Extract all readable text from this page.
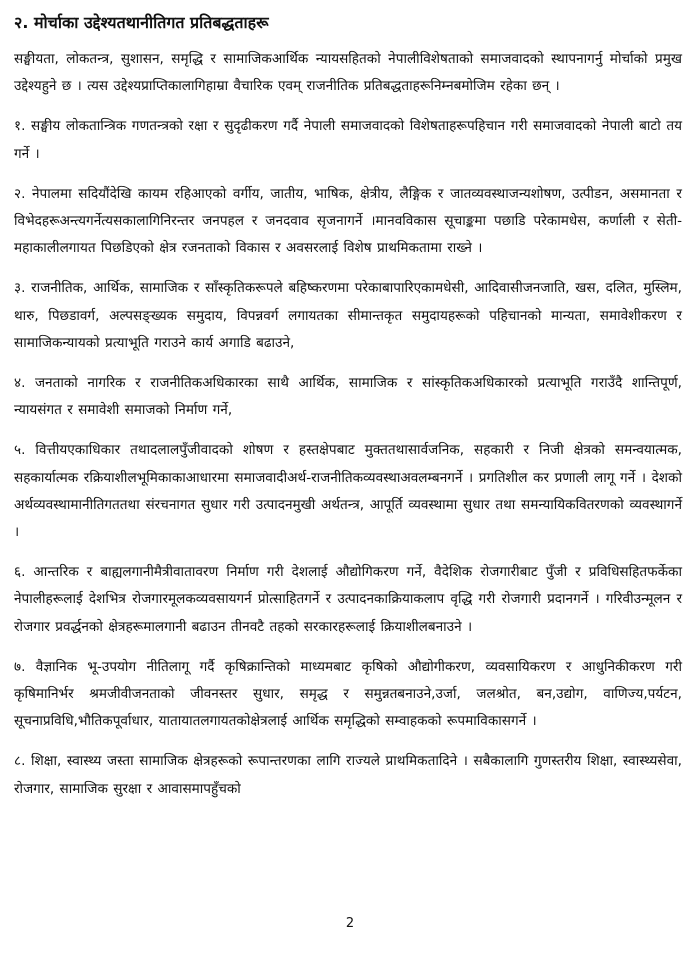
२. मोर्चाका उद्देश्यतथानीतिगत प्रतिबद्धताहरू

सङ्घीयता, लोकतन्त्र, सुशासन, समृद्धि र सामाजिकआर्थिक न्यायसहितको नेपालीविशेषताको समाजवादको स्थापनागर्नु मोर्चाको प्रमुख उद्देश्यहुने छ । त्यस उद्देश्यप्राप्तिकालागिहाम्रा वैचारिक एवम् राजनीतिक प्रतिबद्धताहरूनिम्नबमोजिम रहेका छन् ।

१. सङ्घीय लोकतान्त्रिक गणतन्त्रको रक्षा र सुदृढीकरण गर्दै नेपाली समाजवादको विशेषताहरूपहिचान गरी समाजवादको नेपाली बाटो तय गर्ने ।

२. नेपालमा सदियौंदेखि कायम रहिआएको वर्गीय, जातीय, भाषिक, क्षेत्रीय, लैङ्गिक र जातव्यवस्थाजन्यशोषण, उत्पीडन, असमानता र विभेदहरूअन्त्यगर्नेत्यसकालागिनिरन्तर जनपहल र जनदवाव सृजनागर्ने ।मानवविकास सूचाङ्कमा पछाडि परेकामधेस, कर्णाली र सेती-महाकालीलगायत पिछडिएको क्षेत्र रजनताको विकास र अवसरलाई विशेष प्राथमिकतामा राख्ने ।

३. राजनीतिक, आर्थिक, सामाजिक र साँस्कृतिकरूपले बहिष्करणमा परेकाबापारिएकामधेसी, आदिवासीजनजाति, खस, दलित, मुस्लिम, थारु, पिछडावर्ग, अल्पसङ्ख्यक समुदाय, विपन्नवर्ग लगायतका सीमान्तकृत समुदायहरूको पहिचानको मान्यता, समावेशीकरण र सामाजिकन्यायको प्रत्याभूति गराउने कार्य अगाडि बढाउने,

४. जनताको नागरिक र राजनीतिकअधिकारका साथै आर्थिक, सामाजिक र सांस्कृतिकअधिकारको प्रत्याभूति गराउँदै शान्तिपूर्ण, न्यायसंगत र समावेशी समाजको निर्माण गर्ने,

५. वित्तीयएकाधिकार तथादलालपुँजीवादको शोषण र हस्तक्षेपबाट मुक्ततथासार्वजनिक, सहकारी र निजी क्षेत्रको समन्वयात्मक, सहकार्यात्मक रक्रियाशीलभूमिकाकाआधारमा समाजवादीअर्थ-राजनीतिकव्यवस्थाअवलम्बनगर्ने । प्रगतिशील कर प्रणाली लागू गर्ने । देशको अर्थव्यवस्थामानीतिगततथा संरचनागत सुधार गरी उत्पादनमुखी अर्थतन्त्र, आपूर्ति व्यवस्थामा सुधार तथा समन्यायिकवितरणको व्यवस्थागर्ने ।

६. आन्तरिक र बाह्यलगानीमैत्रीवातावरण निर्माण गरी देशलाई औद्योगिकरण गर्ने, वैदेशिक रोजगारीबाट पुँजी र प्रविधिसहितफर्केका नेपालीहरूलाई देशभित्र रोजगारमूलकव्यवसायगर्न प्रोत्साहितगर्ने र उत्पादनकाक्रियाकलाप वृद्धि गरी रोजगारी प्रदानगर्ने । गरिवीउन्मूलन र रोजगार प्रवर्द्धनको क्षेत्रहरूमालगानी बढाउन तीनवटै तहको सरकारहरूलाई क्रियाशीलबनाउने ।

७. वैज्ञानिक भू-उपयोग नीतिलागू गर्दै कृषिक्रान्तिको माध्यमबाट कृषिको औद्योगीकरण, व्यवसायिकरण र आधुनिकीकरण गरी कृषिमानिर्भर श्रमजीवीजनताको जीवनस्तर सुधार, समृद्ध र समुन्नतबनाउने,उर्जा, जलश्रोत, बन,उद्योग, वाणिज्य,पर्यटन, सूचनाप्रविधि,भौतिकपूर्वाधार, यातायातलगायतकोक्षेत्रलाई आर्थिक समृद्धिको सम्वाहकको रूपमाविकासगर्ने ।

८. शिक्षा, स्वास्थ्य जस्ता सामाजिक क्षेत्रहरूको रूपान्तरणका लागि राज्यले प्राथमिकतादिने । सबैकालागि गुणस्तरीय शिक्षा, स्वास्थ्यसेवा, रोजगार, सामाजिक सुरक्षा र आवासमापहुँचको

2
